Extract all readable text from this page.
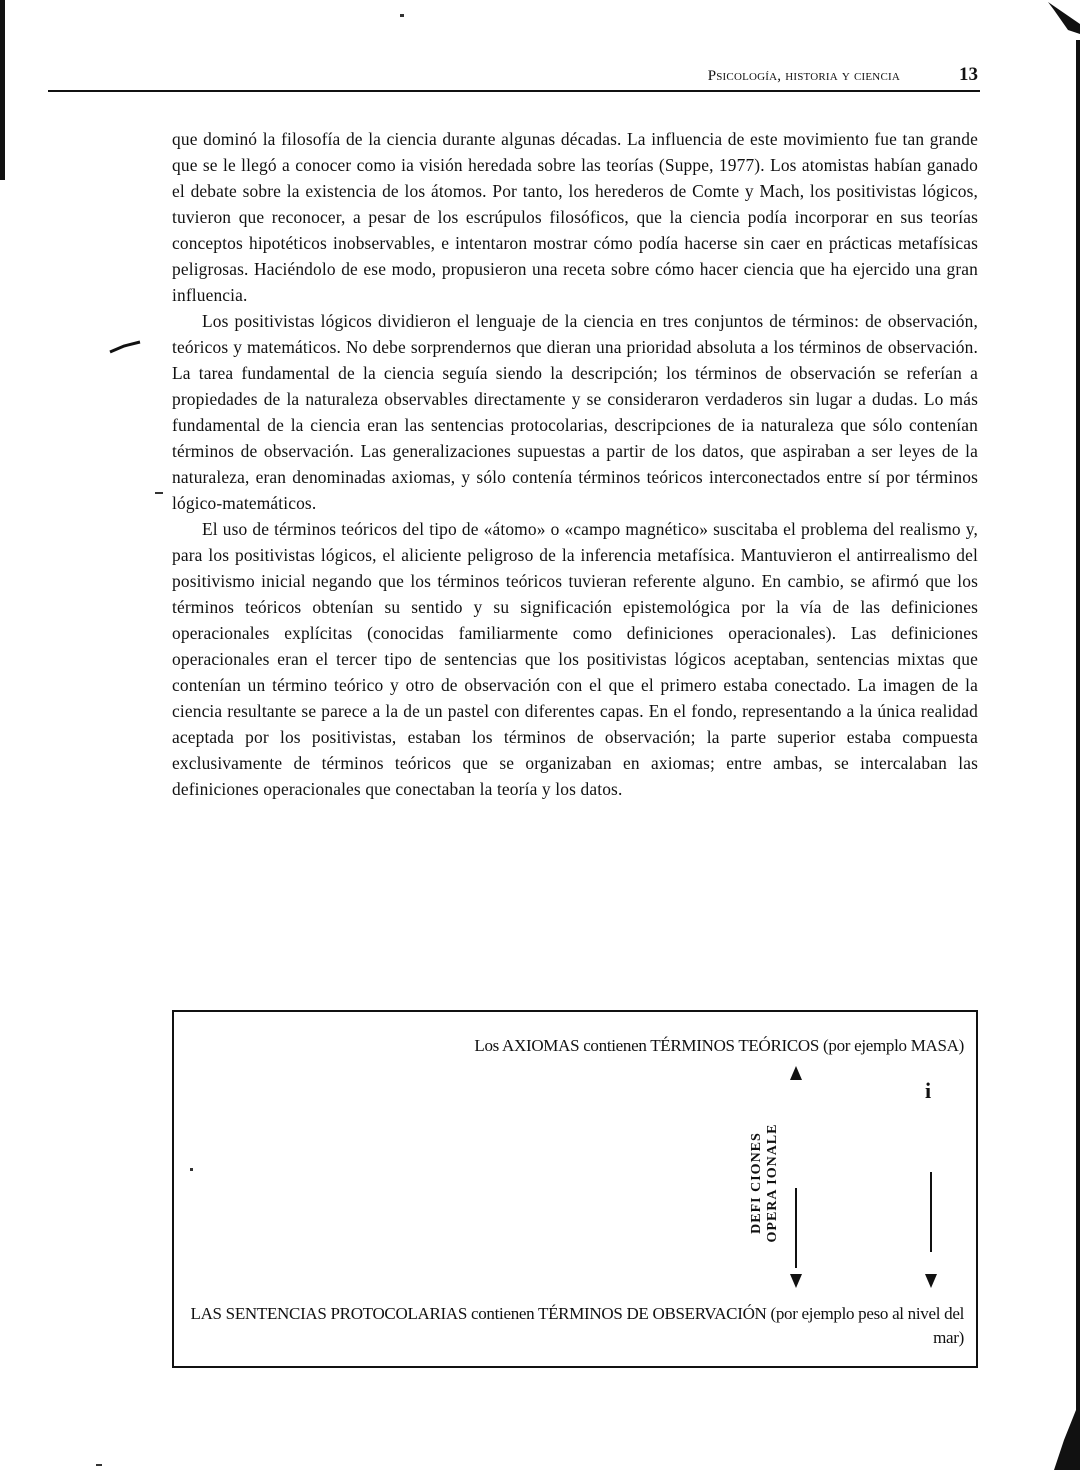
Psicología, historia y ciencia	13

que dominó la filosofía de la ciencia durante algunas décadas. La influencia de este movimiento fue tan grande que se le llegó a conocer como ia visión heredada sobre las teorías (Suppe, 1977). Los atomistas habían ganado el debate sobre la existencia de los átomos. Por tanto, los herederos de Comte y Mach, los positivistas lógicos, tuvieron que reconocer, a pesar de los escrúpulos filosóficos, que la ciencia podía incorporar en sus teorías conceptos hipotéticos inobservables, e intentaron mostrar cómo podía hacerse sin caer en prácticas metafísicas peligrosas. Haciéndolo de ese modo, propusieron una receta sobre cómo hacer ciencia que ha ejercido una gran influencia.

Los positivistas lógicos dividieron el lenguaje de la ciencia en tres conjuntos de términos: de observación, teóricos y matemáticos. No debe sorprendernos que dieran una prioridad absoluta a los términos de observación. La tarea fundamental de la ciencia seguía siendo la descripción; los términos de observación se referían a propiedades de la naturaleza observables directamente y se consideraron verdaderos sin lugar a dudas. Lo más fundamental de la ciencia eran las sentencias protocolarias, descripciones de ia naturaleza que sólo contenían términos de observación. Las generalizaciones supuestas a partir de los datos, que aspiraban a ser leyes de la naturaleza, eran denominadas axiomas, y sólo contenía términos teóricos interconectados entre sí por términos lógico-matemáticos.

El uso de términos teóricos del tipo de «átomo» o «campo magnético» suscitaba el problema del realismo y, para los positivistas lógicos, el aliciente peligroso de la inferencia metafísica. Mantuvieron el antirrealismo del positivismo inicial negando que los términos teóricos tuvieran referente alguno. En cambio, se afirmó que los términos teóricos obtenían su sentido y su significación epistemológica por la vía de las definiciones operacionales explícitas (conocidas familiarmente como definiciones operacionales). Las definiciones operacionales eran el tercer tipo de sentencias que los positivistas lógicos aceptaban, sentencias mixtas que contenían un término teórico y otro de observación con el que el primero estaba conectado. La imagen de la ciencia resultante se parece a la de un pastel con diferentes capas. En el fondo, representando a la única realidad aceptada por los positivistas, estaban los términos de observación; la parte superior estaba compuesta exclusivamente de términos teóricos que se organizaban en axiomas; entre ambas, se intercalaban las definiciones operacionales que conectaban la teoría y los datos.

Los AXIOMAS contienen TÉRMINOS TEÓRICOS (por ejemplo MASA)
i
DEFI CIONES OPERA IONALE
LAS SENTENCIAS PROTOCOLARIAS contienen TÉRMINOS DE OBSERVACIÓN (por ejemplo peso al nivel del mar)
